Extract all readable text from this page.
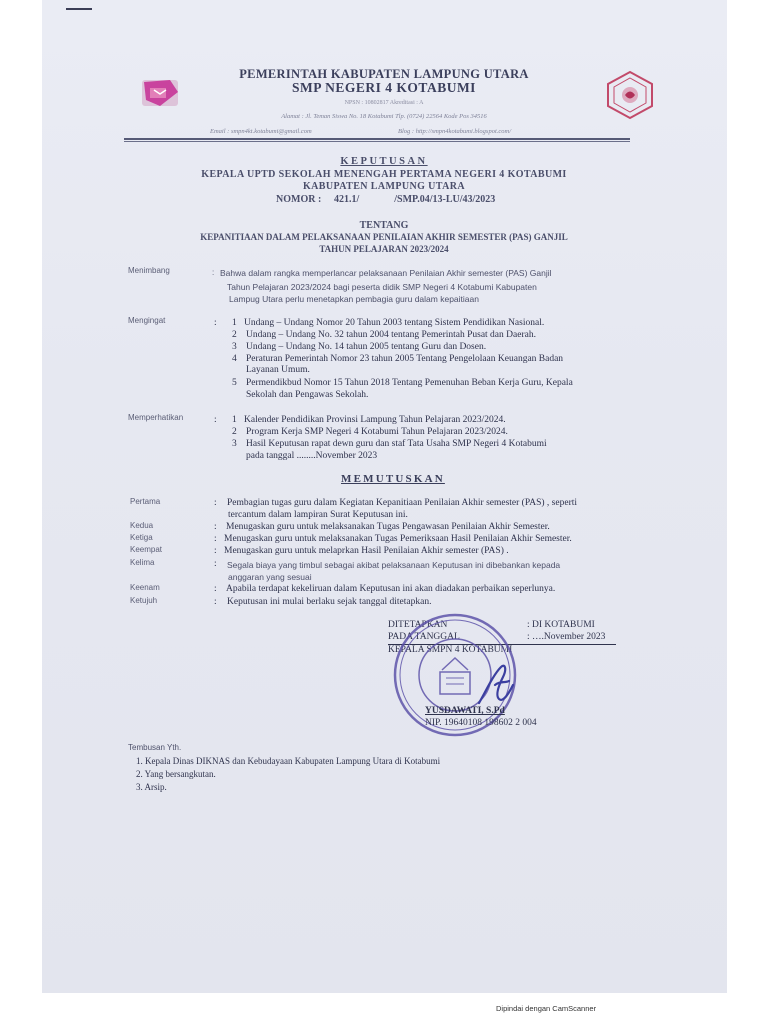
PEMERINTAH KABUPATEN LAMPUNG UTARA
SMP NEGERI 4 KOTABUMI
NPSN : 10802817 Akreditasi : A
Alamat : Jl. Teman Siswa No. 18 Kotabumi Tlp. (0724) 22564 Kode Pos 34516
Email : smpn4kt.kotabumi@gmail.com	Blog : http://smpn4kotabumi.blogspot.com/
KEPUTUSAN
KEPALA UPTD SEKOLAH MENENGAH PERTAMA NEGERI 4 KOTABUMI
KABUPATEN LAMPUNG UTARA
NOMOR : 421.1/              /SMP.04/13-LU/43/2023
TENTANG
KEPANITIAAN DALAM PELAKSANAAN PENILAIAN AKHIR SEMESTER (PAS) GANJIL
TAHUN PELAJARAN 2023/2024
Menimbang	: Bahwa dalam rangka memperlancar pelaksanaan Penilaian Akhir semester (PAS) Ganjil
Tahun Pelajaran 2023/2024 bagi peserta didik SMP Negeri 4 Kotabumi Kabupaten
Lampug Utara perlu menetapkan pembagia guru dalam kepaitiaan
Mengingat	: 1 Undang – Undang Nomor 20 Tahun 2003 tentang Sistem Pendidikan Nasional.
2 Undang – Undang No. 32 tahun 2004 tentang Pemerintah Pusat dan Daerah.
3 Undang – Undang No. 14 tahun 2005 tentang Guru dan Dosen.
4 Peraturan Pemerintah Nomor 23 tahun 2005 Tentang Pengelolaan Keuangan Badan
Layanan Umum.
5 Permendikbud Nomor 15 Tahun 2018 Tentang Pemenuhan Beban Kerja Guru, Kepala
Sekolah dan Pengawas Sekolah.
Memperhatikan	: 1 Kalender Pendidikan Provinsi Lampung Tahun Pelajaran 2023/2024.
2 Program Kerja SMP Negeri 4 Kotabumi Tahun Pelajaran 2023/2024.
3 Hasil Keputusan rapat dewn guru dan staf Tata Usaha SMP Negeri 4 Kotabumi
pada tanggal ........November 2023
MEMUTUSKAN
Pertama	: Pembagian tugas guru dalam Kegiatan Kepanitiaan Penilaian Akhir semester (PAS) , seperti
tercantum dalam lampiran Surat Keputusan ini.
Kedua	: Menugaskan guru untuk melaksanakan Tugas Pengawasan Penilaian Akhir Semester.
Ketiga	: Menugaskan guru untuk melaksanakan Tugas Pemeriksaan Hasil Penilaian Akhir Semester.
Keempat	: Menugaskan guru untuk melaprkan Hasil Penilaian Akhir semester (PAS) .
Kelima	: Segala biaya yang timbul sebagai akibat pelaksanaan Keputusan ini dibebankan kepada
anggaran yang sesuai
Keenam	: Apabila terdapat kekeliruan dalam Keputusan ini akan diadakan perbaikan seperlunya.
Ketujuh	: Keputusan ini mulai berlaku sejak tanggal ditetapkan.
DITETAPKAN	: DI KOTABUMI
PADA TANGGAL	: ….November 2023
KEPALA SMPN 4 KOTABUMI
YUSDAWATI, S.Pd
NIP. 19640108 198602 2 004
Tembusan Yth.
1. Kepala Dinas DIKNAS dan Kebudayaan Kabupaten Lampung Utara di Kotabumi
2. Yang bersangkutan.
3. Arsip.
Dipindai dengan CamScanner
